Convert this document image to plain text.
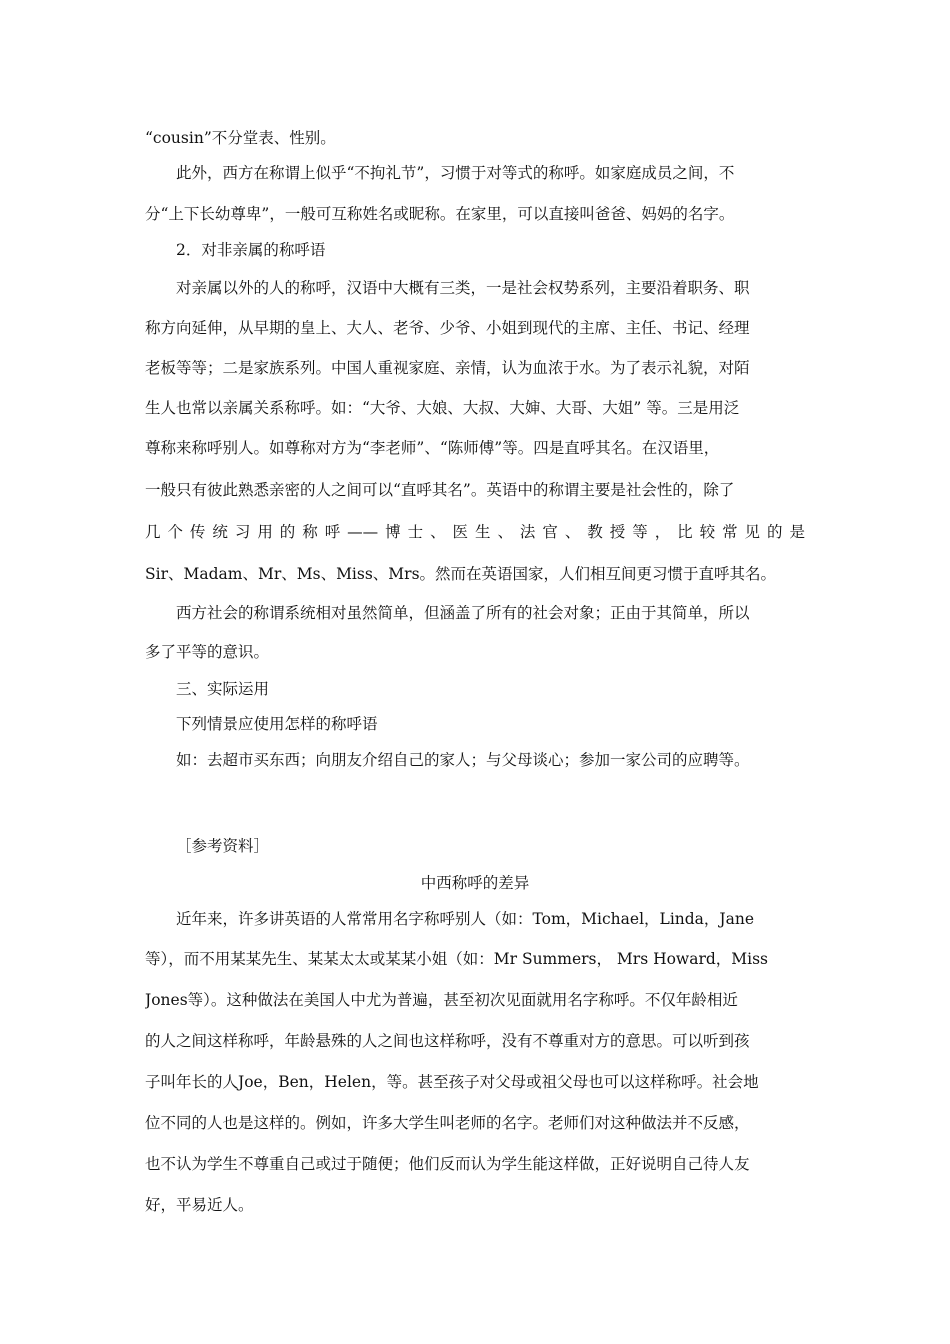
“cousin”不分堂表、性别。
此外，西方在称谓上似乎“不拘礼节”，习惯于对等式的称呼。如家庭成员之间，不
分“上下长幼尊卑”，一般可互称姓名或昵称。在家里，可以直接叫爸爸、妈妈的名字。
2．对非亲属的称呼语
对亲属以外的人的称呼，汉语中大概有三类，一是社会权势系列，主要沿着职务、职
称方向延伸，从早期的皇上、大人、老爷、少爷、小姐到现代的主席、主任、书记、经理
老板等等；二是家族系列。中国人重视家庭、亲情，认为血浓于水。为了表示礼貌，对陌
生人也常以亲属关系称呼。如：“大爷、大娘、大叔、大婶、大哥、大姐” 等。三是用泛
尊称来称呼别人。如尊称对方为“李老师”、“陈师傅”等。四是直呼其名。在汉语里，
一般只有彼此熟悉亲密的人之间可以“直呼其名”。英语中的称谓主要是社会性的，除了
几个传统习用的称呼——博士、医生、法官、教授等，比较常见的是
Sir、Madam、Mr、Ms、Miss、Mrs。然而在英语国家，人们相互间更习惯于直呼其名。
西方社会的称谓系统相对虽然简单，但涵盖了所有的社会对象；正由于其简单，所以
多了平等的意识。
三、实际运用
下列情景应使用怎样的称呼语
如：去超市买东西；向朋友介绍自己的家人；与父母谈心；参加一家公司的应聘等。
［参考资料］
中西称呼的差异
近年来，许多讲英语的人常常用名字称呼别人（如：Tom，Michael，Linda，Jane
等），而不用某某先生、某某太太或某某小姐（如：Mr Summers， Mrs Howard，Miss
Jones等）。这种做法在美国人中尤为普遍，甚至初次见面就用名字称呼。不仅年龄相近
的人之间这样称呼，年龄悬殊的人之间也这样称呼，没有不尊重对方的意思。可以听到孩
子叫年长的人Joe，Ben，Helen，等。甚至孩子对父母或祖父母也可以这样称呼。社会地
位不同的人也是这样的。例如，许多大学生叫老师的名字。老师们对这种做法并不反感，
也不认为学生不尊重自己或过于随便；他们反而认为学生能这样做，正好说明自己待人友
好，平易近人。
